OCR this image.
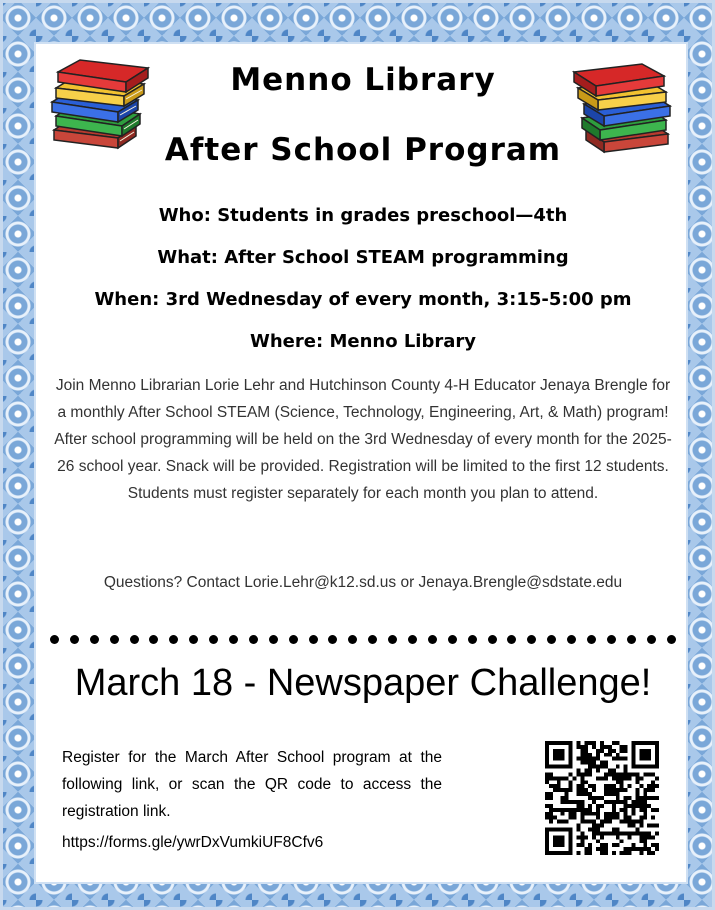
Menno Library
After School Program
Who: Students in grades preschool—4th
What: After School STEAM programming
When: 3rd Wednesday of every month, 3:15-5:00 pm
Where: Menno Library
Join Menno Librarian Lorie Lehr and Hutchinson County 4-H Educator Jenaya Brengle for a monthly After School STEAM (Science, Technology, Engineering, Art, & Math) program! After school programming will be held on the 3rd Wednesday of every month for the 2025-26 school year. Snack will be provided. Registration will be limited to the first 12 students. Students must register separately for each month you plan to attend.
Questions? Contact Lorie.Lehr@k12.sd.us or Jenaya.Brengle@sdstate.edu
March 18 - Newspaper Challenge!
Register for the March After School program at the following link, or scan the QR code to access the registration link.
https://forms.gle/ywrDxVumkiUF8Cfv6
